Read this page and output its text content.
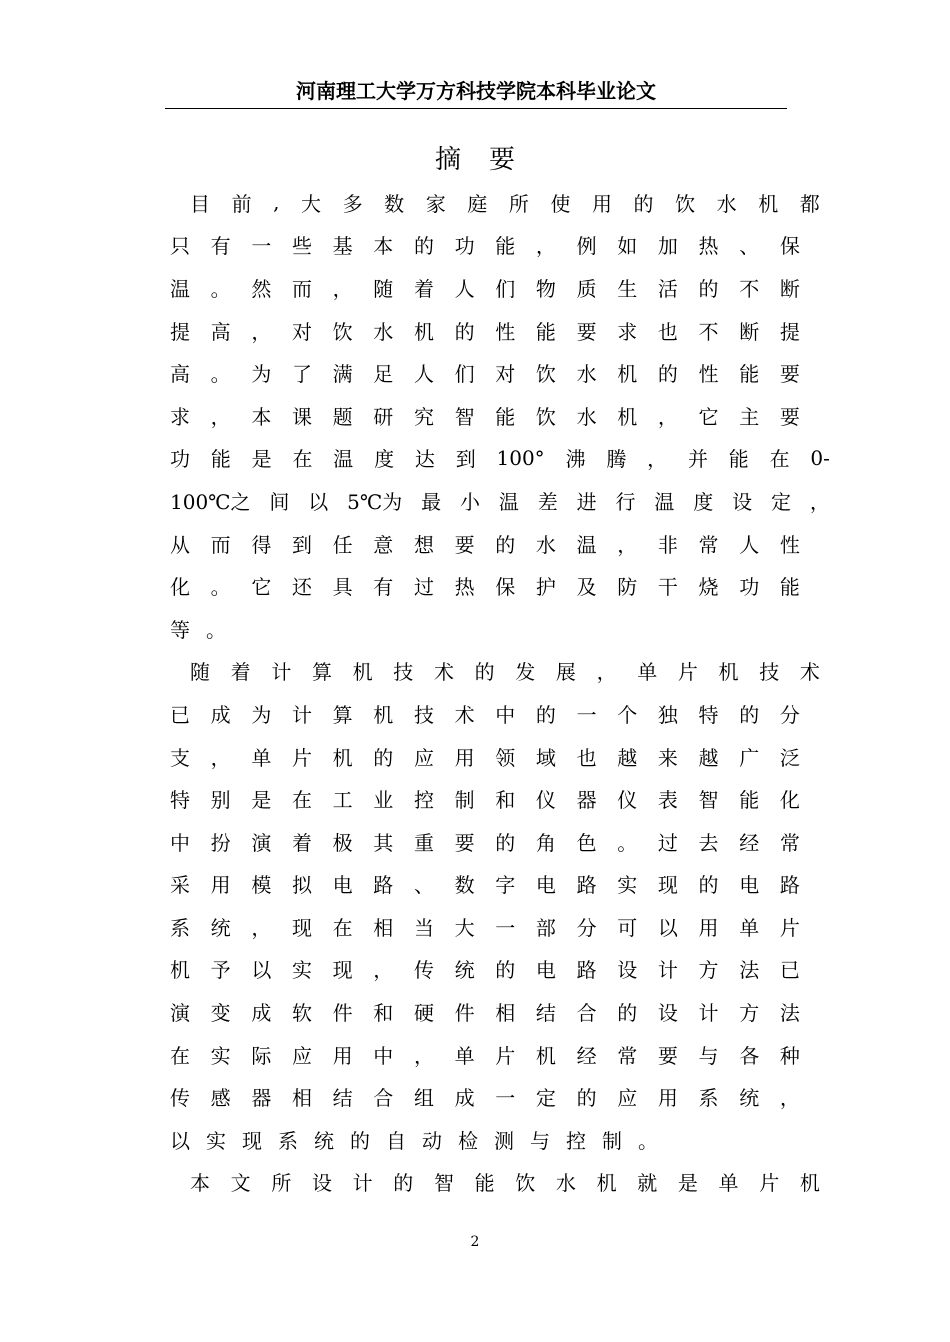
河南理工大学万方科技学院本科毕业论文
摘要
目 前 , 大 多 数 家 庭 所 使 用 的 饮 水 机 都
只 有 一 些 基 本 的 功 能 ， 例 如 加 热 、 保
温 。 然 而 ， 随 着 人 们 物 质 生 活 的 不 断
提 高 ， 对 饮 水 机 的 性 能 要 求 也 不 断 提
高 。 为 了 满 足 人 们 对 饮 水 机 的 性 能 要
求 ， 本 课 题 研 究 智 能 饮 水 机 ， 它 主 要
功 能 是 在 温 度 达 到 100° 沸 腾 ， 并 能 在 0-
100℃之 间 以 5℃为 最 小 温 差 进 行 温 度 设 定 ，
从 而 得 到 任 意 想 要 的 水 温 ， 非 常 人 性
化 。 它 还 具 有 过 热 保 护 及 防 干 烧 功 能
等 。
随 着 计 算 机 技 术 的 发 展 ， 单 片 机 技 术
已 成 为 计 算 机 技 术 中 的 一 个 独 特 的 分
支 ， 单 片 机 的 应 用 领 域 也 越 来 越 广 泛
特 别 是 在 工 业 控 制 和 仪 器 仪 表 智 能 化
中 扮 演 着 极 其 重 要 的 角 色 。 过 去 经 常
采 用 模 拟 电 路 、 数 字 电 路 实 现 的 电 路
系 统 ， 现 在 相 当 大 一 部 分 可 以 用 单 片
机 予 以 实 现 ， 传 统 的 电 路 设 计 方 法 已
演 变 成 软 件 和 硬 件 相 结 合 的 设 计 方 法
在 实 际 应 用 中 ， 单 片 机 经 常 要 与 各 种
传 感 器 相 结 合 组 成 一 定 的 应 用 系 统 ，
以 实 现 系 统 的 自 动 检 测 与 控 制 。
本 文 所 设 计 的 智 能 饮 水 机 就 是 单 片 机
2
